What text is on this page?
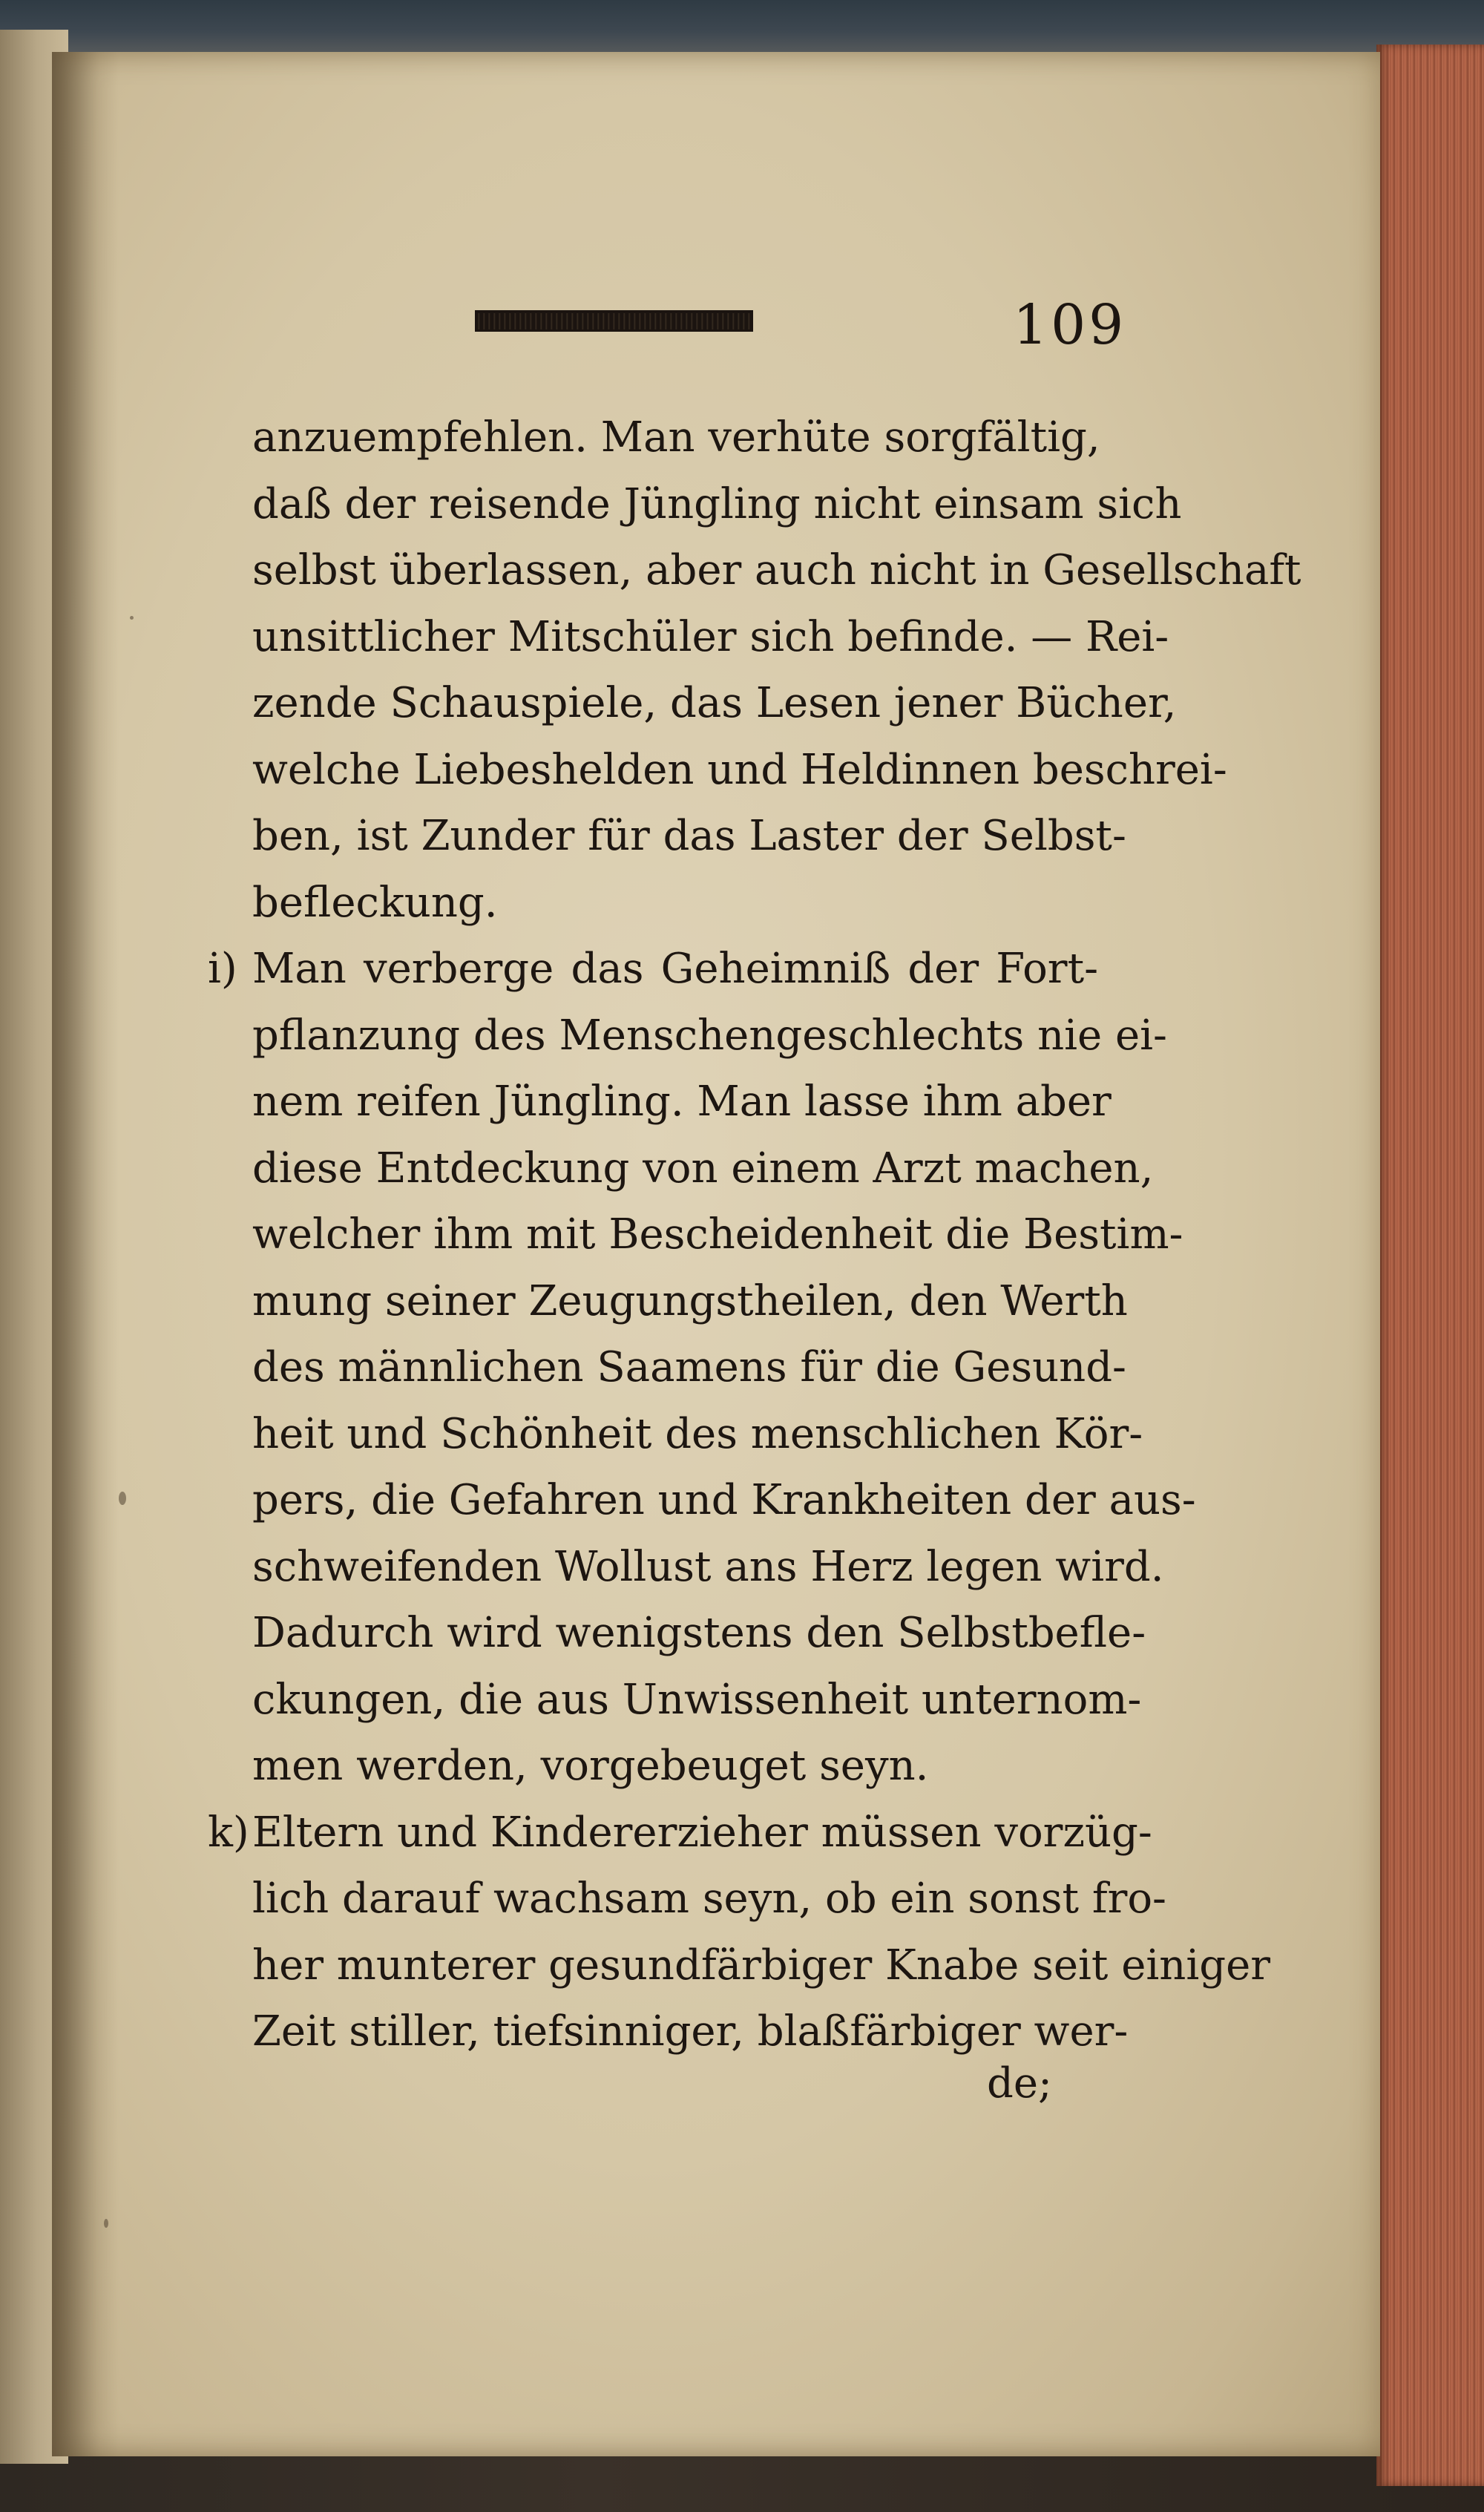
109
anzuempfehlen. Man verhüte sorgfältig,
daß der reisende Jüngling nicht einsam sich
selbst überlassen, aber auch nicht in Gesellschaft
unsittlicher Mitschüler sich befinde. — Rei-
zende Schauspiele, das Lesen jener Bücher,
welche Liebeshelden und Heldinnen beschrei-
ben, ist Zunder für das Laster der Selbst-
befleckung.
i) Man verberge das Geheimniß der Fort-
pflanzung des Menschengeschlechts nie ei-
nem reifen Jüngling. Man lasse ihm aber
diese Entdeckung von einem Arzt machen,
welcher ihm mit Bescheidenheit die Bestim-
mung seiner Zeugungstheilen, den Werth
des männlichen Saamens für die Gesund-
heit und Schönheit des menschlichen Kör-
pers, die Gefahren und Krankheiten der aus-
schweifenden Wollust ans Herz legen wird.
Dadurch wird wenigstens den Selbstbefle-
ckungen, die aus Unwissenheit unternom-
men werden, vorgebeuget seyn.
k) Eltern und Kindererzieher müssen vorzüg-
lich darauf wachsam seyn, ob ein sonst fro-
her munterer gesundfärbiger Knabe seit einiger
Zeit stiller, tiefsinniger, blaßfärbiger wer-
de;
